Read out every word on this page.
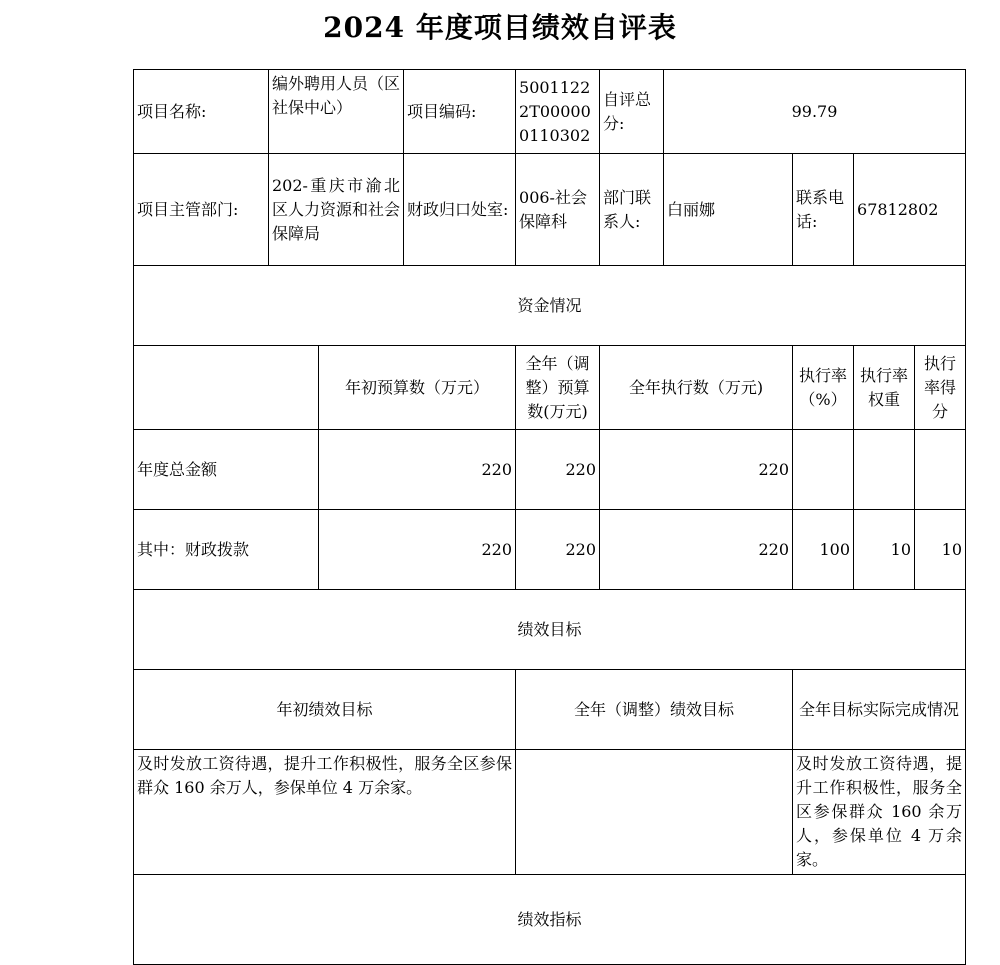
2024 年度项目绩效自评表
项目名称:	编外聘用人员（区社保中心）		项目编码:	50011222T000000110302	自评总分:	99.79			
项目主管部门:	202-重庆市渝北区人力资源和社会保障局		财政归口处室:	006-社会保障科	部门联系人:	白丽娜	联系电话:	67812802	
资金情况									
		年初预算数（万元）		全年（调整）预算数(万元)	全年执行数（万元)		执行率（%）	执行率权重	执行率得分
年度总金额		220		220	220				
其中：财政拨款		220		220	220		100	10	10
绩效目标									
年初绩效目标				全年（调整）绩效目标			全年目标实际完成情况		
及时发放工资待遇，提升工作积极性，服务全区参保群众 160 余万人，参保单位 4 万余家。							及时发放工资待遇，提升工作积极性，服务全区参保群众 160 余万人，参保单位 4 万余家。		
绩效指标									
